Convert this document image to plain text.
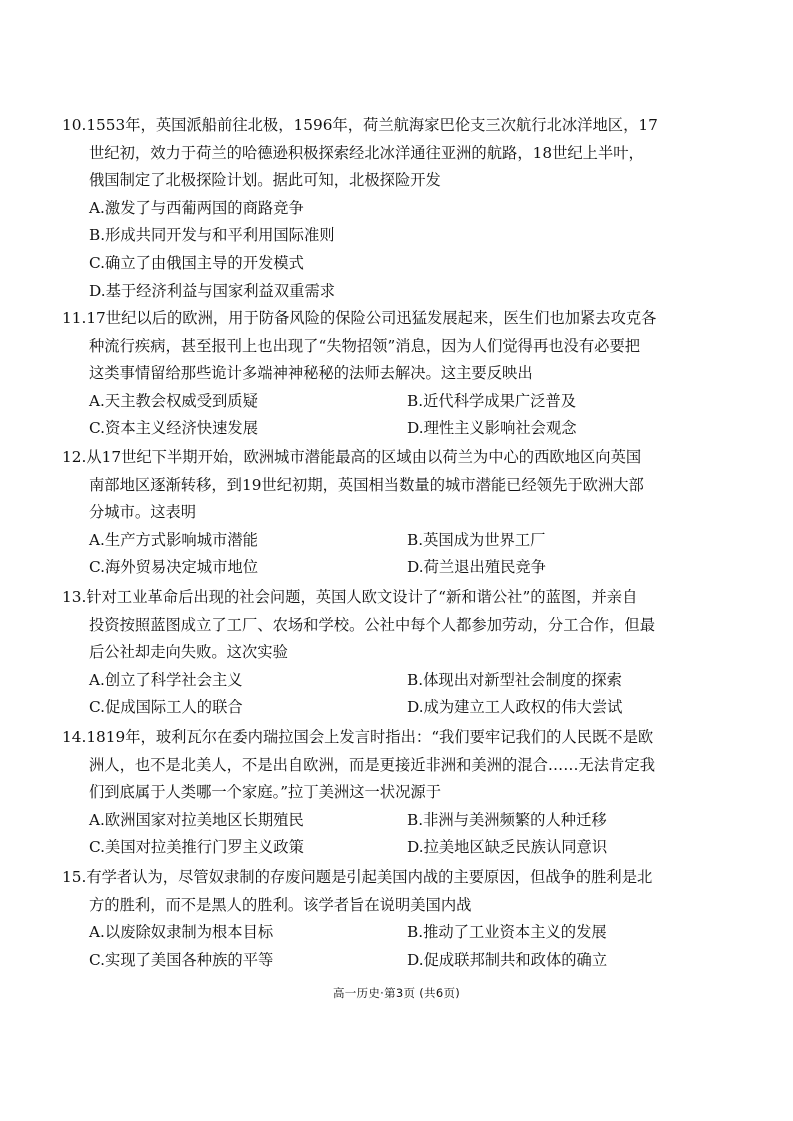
10.1553年，英国派船前往北极，1596年，荷兰航海家巴伦支三次航行北冰洋地区，17
世纪初，效力于荷兰的哈德逊积极探索经北冰洋通往亚洲的航路，18世纪上半叶，
俄国制定了北极探险计划。据此可知，北极探险开发
A.激发了与西葡两国的商路竞争
B.形成共同开发与和平利用国际准则
C.确立了由俄国主导的开发模式
D.基于经济利益与国家利益双重需求
11.17世纪以后的欧洲，用于防备风险的保险公司迅猛发展起来，医生们也加紧去攻克各
种流行疾病，甚至报刊上也出现了“失物招领”消息，因为人们觉得再也没有必要把
这类事情留给那些诡计多端神神秘秘的法师去解决。这主要反映出
A.天主教会权威受到质疑	B.近代科学成果广泛普及
C.资本主义经济快速发展	D.理性主义影响社会观念
12.从17世纪下半期开始，欧洲城市潜能最高的区域由以荷兰为中心的西欧地区向英国
南部地区逐渐转移，到19世纪初期，英国相当数量的城市潜能已经领先于欧洲大部
分城市。这表明
A.生产方式影响城市潜能	B.英国成为世界工厂
C.海外贸易决定城市地位	D.荷兰退出殖民竞争
13.针对工业革命后出现的社会问题，英国人欧文设计了“新和谐公社”的蓝图，并亲自
投资按照蓝图成立了工厂、农场和学校。公社中每个人都参加劳动，分工合作，但最
后公社却走向失败。这次实验
A.创立了科学社会主义	B.体现出对新型社会制度的探索
C.促成国际工人的联合	D.成为建立工人政权的伟大尝试
14.1819年，玻利瓦尔在委内瑞拉国会上发言时指出：“我们要牢记我们的人民既不是欧
洲人，也不是北美人，不是出自欧洲，而是更接近非洲和美洲的混合……无法肯定我
们到底属于人类哪一个家庭。”拉丁美洲这一状况源于
A.欧洲国家对拉美地区长期殖民	B.非洲与美洲频繁的人种迁移
C.美国对拉美推行门罗主义政策	D.拉美地区缺乏民族认同意识
15.有学者认为，尽管奴隶制的存废问题是引起美国内战的主要原因，但战争的胜利是北
方的胜利，而不是黑人的胜利。该学者旨在说明美国内战
A.以废除奴隶制为根本目标	B.推动了工业资本主义的发展
C.实现了美国各种族的平等	D.促成联邦制共和政体的确立
高一历史·第3页 (共6页)
